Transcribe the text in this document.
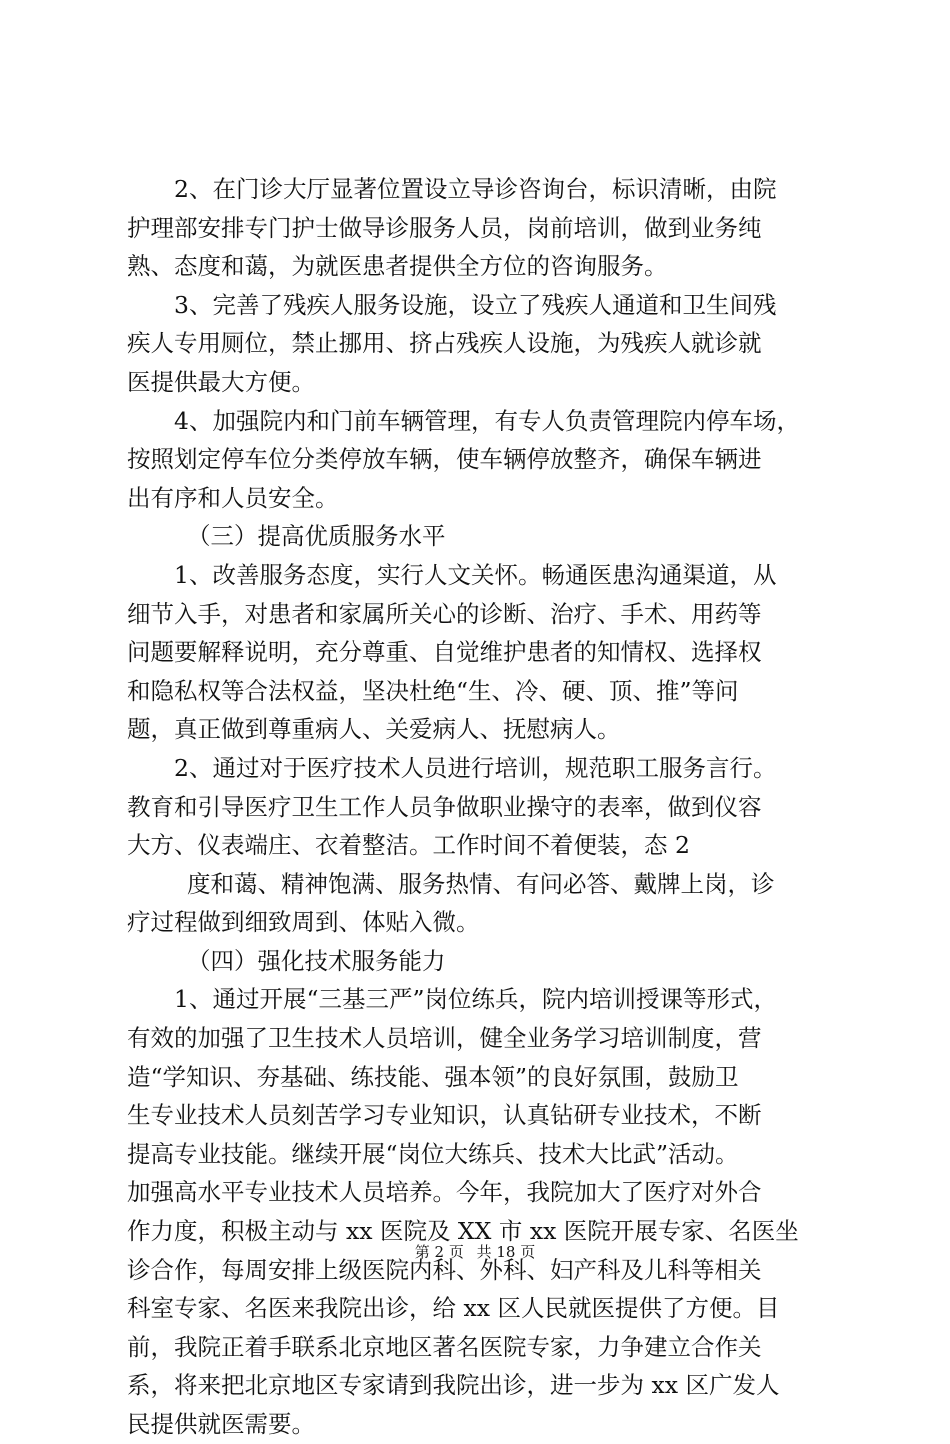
2、在门诊大厅显著位置设立导诊咨询台，标识清晰，由院
护理部安排专门护士做导诊服务人员，岗前培训，做到业务纯
熟、态度和蔼，为就医患者提供全方位的咨询服务。
3、完善了残疾人服务设施，设立了残疾人通道和卫生间残
疾人专用厕位，禁止挪用、挤占残疾人设施，为残疾人就诊就
医提供最大方便。
4、加强院内和门前车辆管理，有专人负责管理院内停车场，
按照划定停车位分类停放车辆，使车辆停放整齐，确保车辆进
出有序和人员安全。
（三）提高优质服务水平
1、改善服务态度，实行人文关怀。畅通医患沟通渠道，从
细节入手，对患者和家属所关心的诊断、治疗、手术、用药等
问题要解释说明，充分尊重、自觉维护患者的知情权、选择权
和隐私权等合法权益，坚决杜绝“生、冷、硬、顶、推”等问
题，真正做到尊重病人、关爱病人、抚慰病人。
2、通过对于医疗技术人员进行培训，规范职工服务言行。
教育和引导医疗卫生工作人员争做职业操守的表率，做到仪容
大方、仪表端庄、衣着整洁。工作时间不着便装，态 2
度和蔼、精神饱满、服务热情、有问必答、戴牌上岗，诊
疗过程做到细致周到、体贴入微。
（四）强化技术服务能力
1、通过开展“三基三严”岗位练兵，院内培训授课等形式，
有效的加强了卫生技术人员培训，健全业务学习培训制度，营
造“学知识、夯基础、练技能、强本领”的良好氛围，鼓励卫
生专业技术人员刻苦学习专业知识，认真钻研专业技术，不断
提高专业技能。继续开展“岗位大练兵、技术大比武”活动。
加强高水平专业技术人员培养。今年，我院加大了医疗对外合
作力度，积极主动与 xx 医院及 XX 市 xx 医院开展专家、名医坐
诊合作，每周安排上级医院内科、外科、妇产科及儿科等相关
科室专家、名医来我院出诊，给 xx 区人民就医提供了方便。目
前，我院正着手联系北京地区著名医院专家，力争建立合作关
系，将来把北京地区专家请到我院出诊，进一步为 xx 区广发人
民提供就医需要。
第 2 页 共 18 页
